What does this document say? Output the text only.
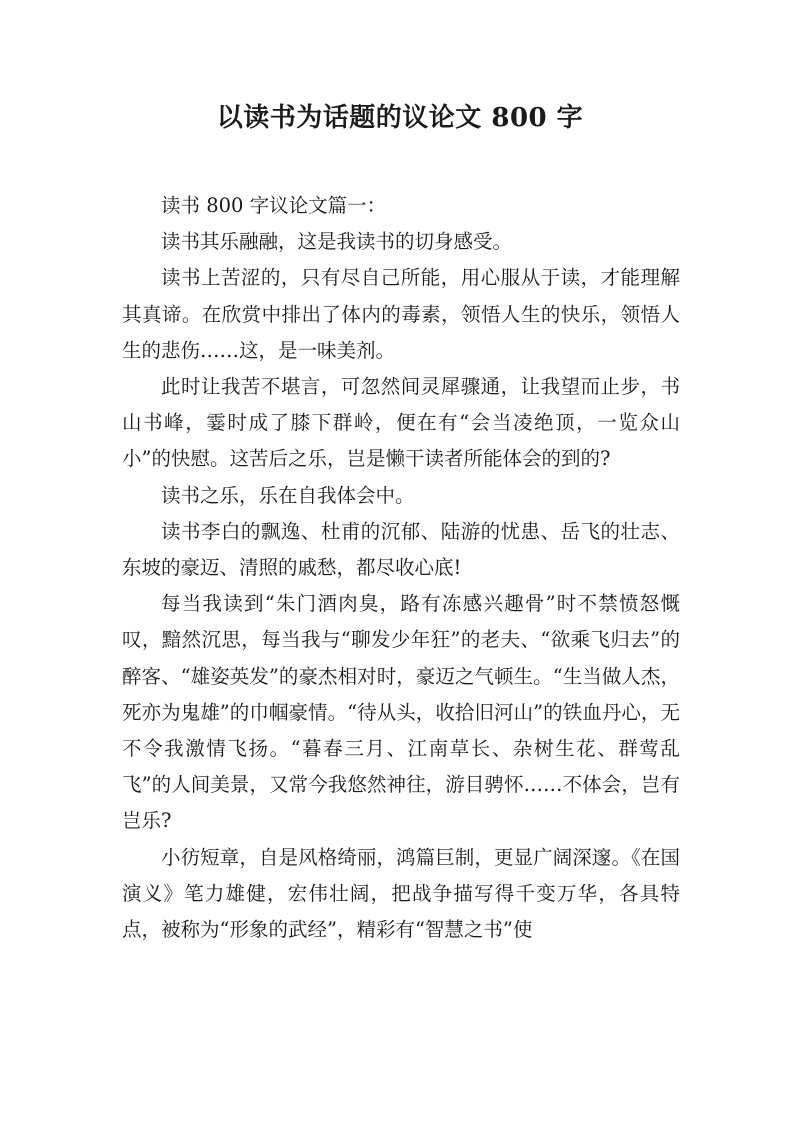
以读书为话题的议论文 800 字

读书 800 字议论文篇一：

读书其乐融融，这是我读书的切身感受。

读书上苦涩的，只有尽自己所能，用心服从于读，才能理解其真谛。在欣赏中排出了体内的毒素，领悟人生的快乐，领悟人生的悲伤……这，是一味美剂。

此时让我苦不堪言，可忽然间灵犀骤通，让我望而止步，书山书峰，霎时成了膝下群岭，便在有“会当凌绝顶，一览众山小”的快慰。这苦后之乐，岂是懒干读者所能体会的到的?

读书之乐，乐在自我体会中。

读书李白的飘逸、杜甫的沉郁、陆游的忧患、岳飞的壮志、东坡的豪迈、清照的戚愁，都尽收心底!

每当我读到“朱门酒肉臭，路有冻感兴趣骨”时不禁愤怒慨叹，黯然沉思，每当我与“聊发少年狂”的老夫、“欲乘飞归去”的醉客、“雄姿英发”的豪杰相对时，豪迈之气顿生。“生当做人杰，死亦为鬼雄”的巾帼豪情。“待从头，收拾旧河山”的铁血丹心，无不令我激情飞扬。“暮春三月、江南草长、杂树生花、群莺乱飞”的人间美景，又常今我悠然神往，游目骋怀……不体会，岂有岂乐?

小彷短章，自是风格绮丽，鸿篇巨制，更显广阔深邃。《在国演义》笔力雄健，宏伟壮阔，把战争描写得千变万华，各具特点，被称为“形象的武经”，精彩有“智慧之书”使
